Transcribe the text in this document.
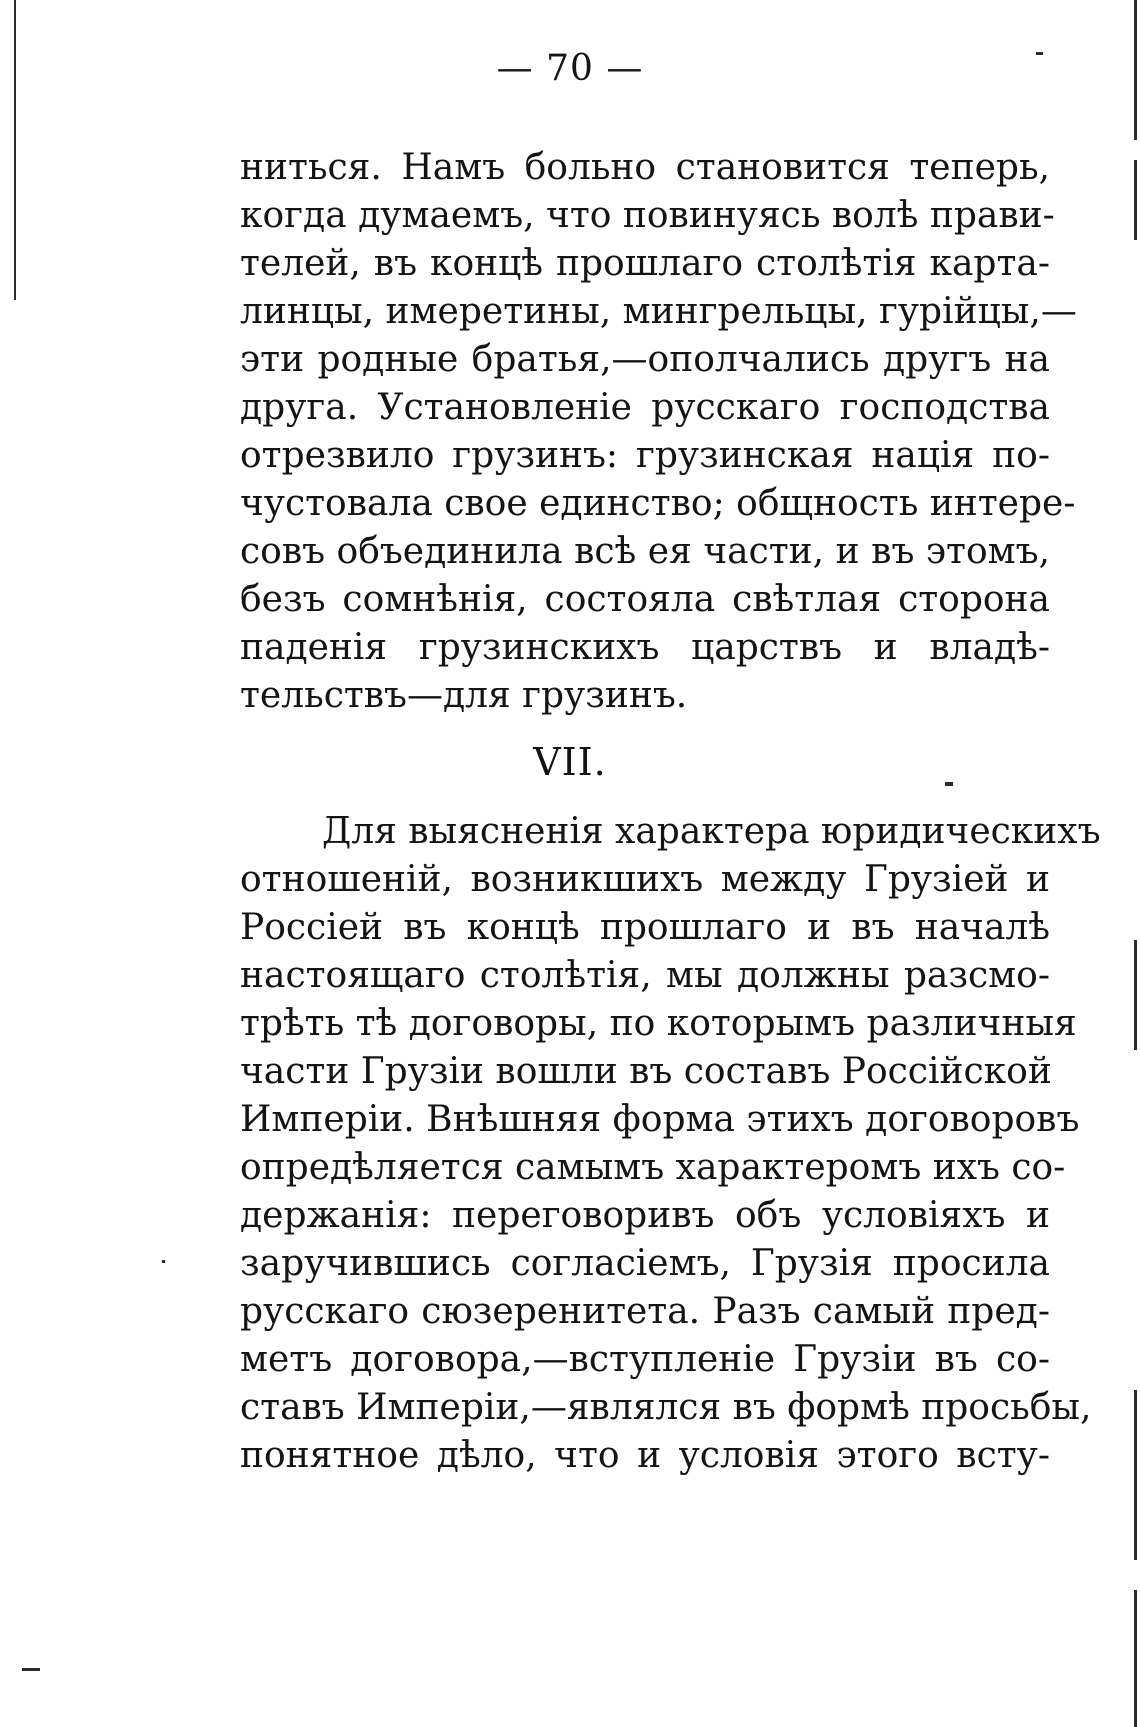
— 70 —
ниться. Намъ больно становится теперь,
когда думаемъ, что повинуясь волѣ прави-
телей, въ концѣ прошлаго столѣтія карта-
линцы, имеретины, мингрельцы, гурійцы,—
эти родные братья,—ополчались другъ на
друга. Установленіе русскаго господства
отрезвило грузинъ: грузинская нація по-
чустовала свое единство; общность интере-
совъ объединила всѣ ея части, и въ этомъ,
безъ сомнѣнія, состояла свѣтлая сторона
паденія грузинскихъ царствъ и владѣ-
тельствъ—для грузинъ.
VII.
Для выясненія характера юридическихъ
отношеній, возникшихъ между Грузіей и
Россіей въ концѣ прошлаго и въ началѣ
настоящаго столѣтія, мы должны разсмо-
трѣть тѣ договоры, по которымъ различныя
части Грузіи вошли въ составъ Россійской
Имперіи. Внѣшняя форма этихъ договоровъ
опредѣляется самымъ характеромъ ихъ со-
держанія: переговоривъ объ условіяхъ и
заручившись согласіемъ, Грузія просила
русскаго сюзеренитета. Разъ самый пред-
метъ договора,—вступленіе Грузіи въ со-
ставъ Имперіи,—являлся въ формѣ просьбы,
понятное дѣло, что и условія этого всту-
